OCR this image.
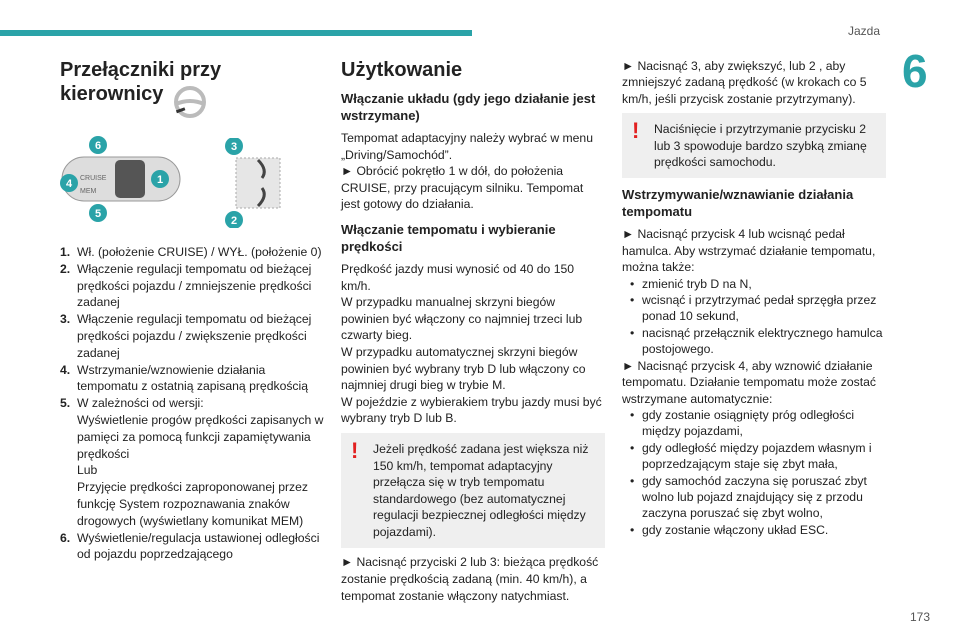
Jazda
6
173
Przełączniki przy kierownicy
CRUISE
MEM
1
4
5
6	3
2
1. Wł. (położenie CRUISE) / WYŁ. (położenie 0)
2. Włączenie regulacji tempomatu od bieżącej prędkości pojazdu / zmniejszenie prędkości zadanej
3. Włączenie regulacji tempomatu od bieżącej prędkości pojazdu / zwiększenie prędkości zadanej
4. Wstrzymanie/wznowienie działania tempomatu z ostatnią zapisaną prędkością
5. W zależności od wersji:
Wyświetlenie progów prędkości zapisanych w pamięci za pomocą funkcji zapamiętywania prędkości
Lub
Przyjęcie prędkości zaproponowanej przez funkcję System rozpoznawania znaków drogowych (wyświetlany komunikat MEM)
6. Wyświetlenie/regulacja ustawionej odległości od pojazdu poprzedzającego
Użytkowanie
Włączanie układu (gdy jego działanie jest wstrzymane)

Tempomat adaptacyjny należy wybrać w menu „Driving/Samochód”.
► Obrócić pokrętło 1 w dół, do położenia CRUISE, przy pracującym silniku. Tempomat jest gotowy do działania.

Włączanie tempomatu i wybieranie prędkości

Prędkość jazdy musi wynosić od 40 do 150 km/h.
W przypadku manualnej skrzyni biegów powinien być włączony co najmniej trzeci lub czwarty bieg.
W przypadku automatycznej skrzyni biegów powinien być wybrany tryb D lub włączony co najmniej drugi bieg w trybie M.
W pojeździe z wybierakiem trybu jazdy musi być wybrany tryb D lub B.

! Jeżeli prędkość zadana jest większa niż 150 km/h, tempomat adaptacyjny przełącza się w tryb tempomatu standardowego (bez automatycznej regulacji bezpiecznej odległości między pojazdami).

► Nacisnąć przyciski 2 lub 3: bieżąca prędkość zostanie prędkością zadaną (min. 40 km/h), a tempomat zostanie włączony natychmiast.

► Nacisnąć 3, aby zwiększyć, lub 2 , aby zmniejszyć zadaną prędkość (w krokach co 5 km/h, jeśli przycisk zostanie przytrzymany).

! Naciśnięcie i przytrzymanie przycisku 2 lub 3 spowoduje bardzo szybką zmianę prędkości samochodu.
Wstrzymywanie/wznawianie działania tempomatu

► Nacisnąć przycisk 4 lub wcisnąć pedał hamulca. Aby wstrzymać działanie tempomatu, można także:

• zmienić tryb D na N,
• wcisnąć i przytrzymać pedał sprzęgła przez ponad 10 sekund,
• nacisnąć przełącznik elektrycznego hamulca postojowego.

► Nacisnąć przycisk 4, aby wznowić działanie tempomatu. Działanie tempomatu może zostać wstrzymane automatycznie:

• gdy zostanie osiągnięty próg odległości między pojazdami,
• gdy odległość między pojazdem własnym i poprzedzającym staje się zbyt mała,
• gdy samochód zaczyna się poruszać zbyt wolno lub pojazd znajdujący się z przodu zaczyna poruszać się zbyt wolno,
• gdy zostanie włączony układ ESC.
